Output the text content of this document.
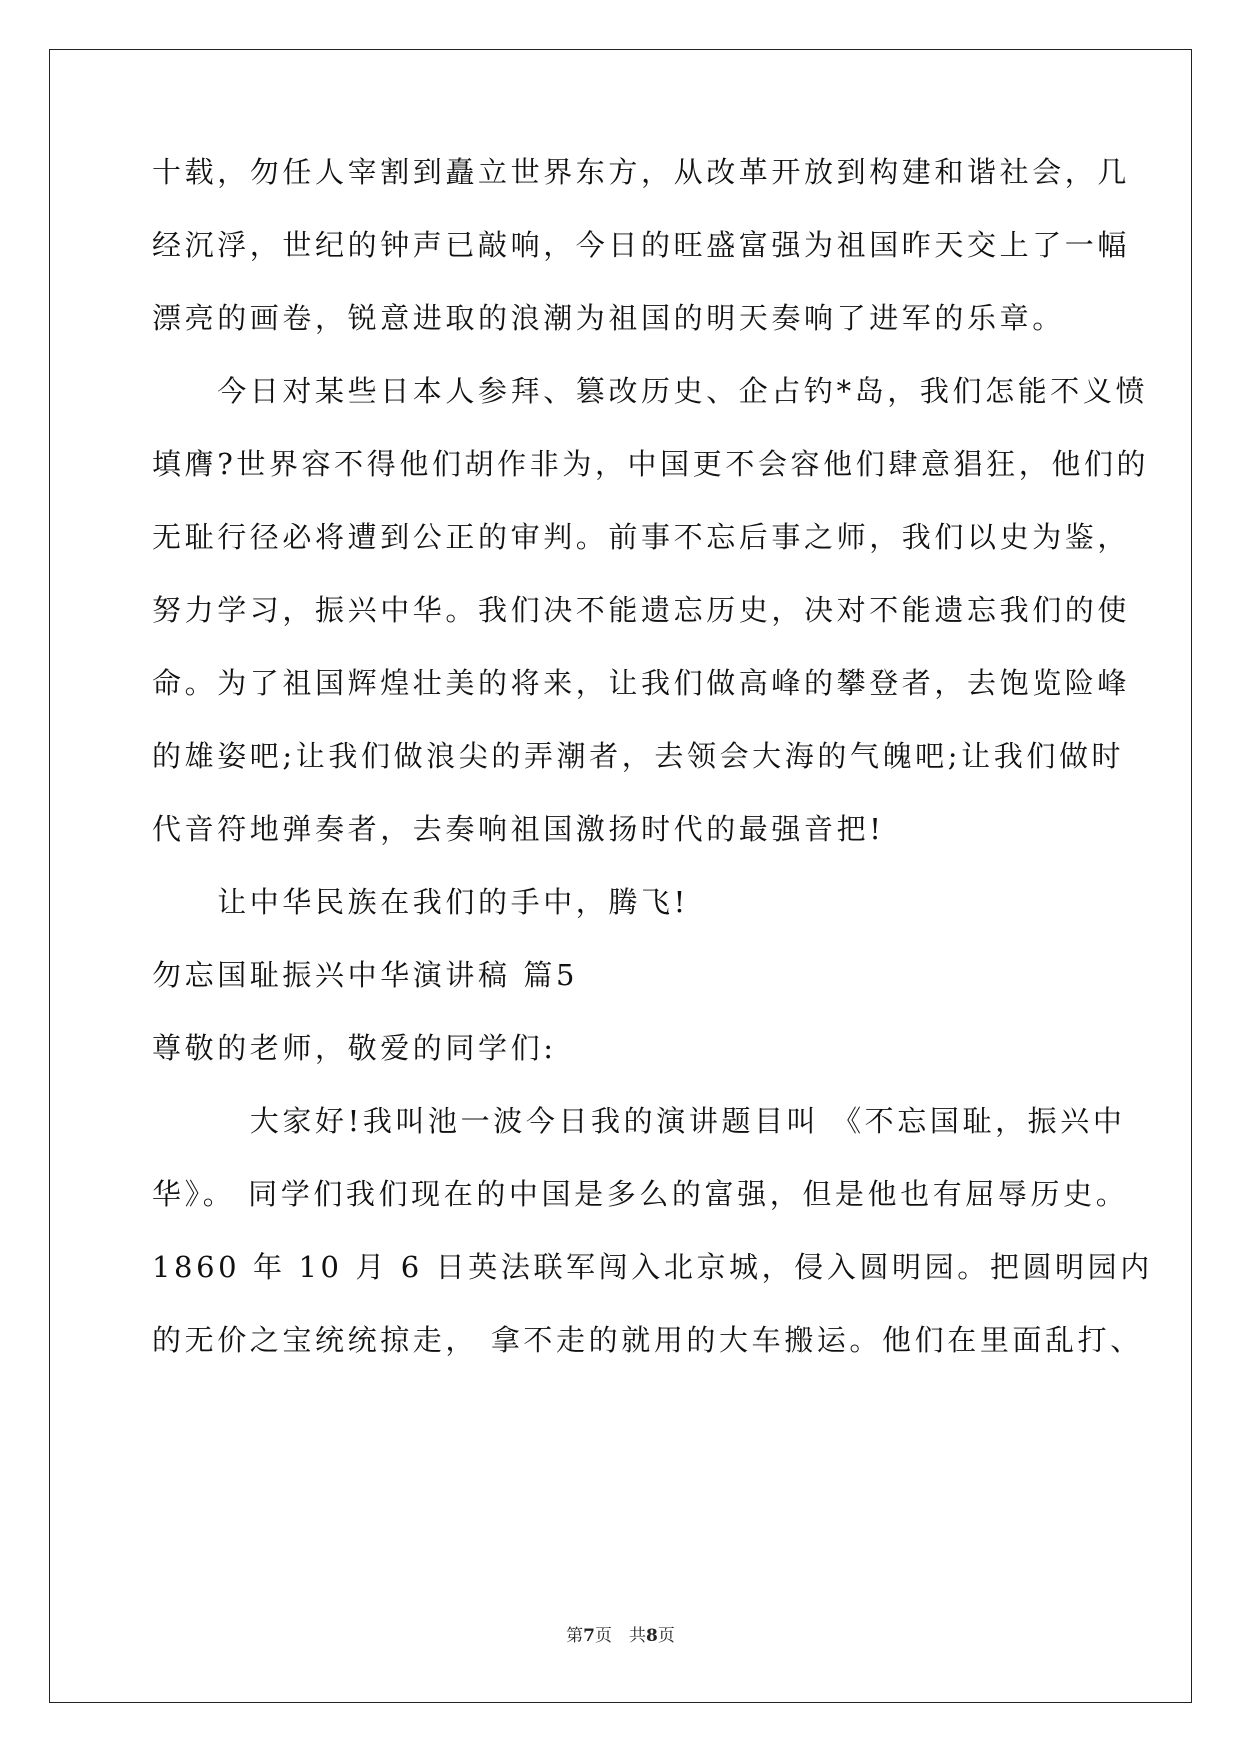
十载，勿任人宰割到矗立世界东方，从改革开放到构建和谐社会，几
经沉浮，世纪的钟声已敲响，今日的旺盛富强为祖国昨天交上了一幅
漂亮的画卷，锐意进取的浪潮为祖国的明天奏响了进军的乐章。
　　今日对某些日本人参拜、篡改历史、企占钓*岛，我们怎能不义愤
填膺?世界容不得他们胡作非为，中国更不会容他们肆意猖狂，他们的
无耻行径必将遭到公正的审判。前事不忘后事之师，我们以史为鉴，
努力学习，振兴中华。我们决不能遗忘历史，决对不能遗忘我们的使
命。为了祖国辉煌壮美的将来，让我们做高峰的攀登者，去饱览险峰
的雄姿吧;让我们做浪尖的弄潮者，去领会大海的气魄吧;让我们做时
代音符地弹奏者，去奏响祖国激扬时代的最强音把!
　　让中华民族在我们的手中，腾飞!
勿忘国耻振兴中华演讲稿 篇5
尊敬的老师，敬爱的同学们:
　　　大家好!我叫池一波今日我的演讲题目叫 《不忘国耻，振兴中
华》。 同学们我们现在的中国是多么的富强，但是他也有屈辱历史。
1860 年 10 月 6 日英法联军闯入北京城，侵入圆明园。把圆明园内
的无价之宝统统掠走， 拿不走的就用的大车搬运。他们在里面乱打、
第7页　共8页
